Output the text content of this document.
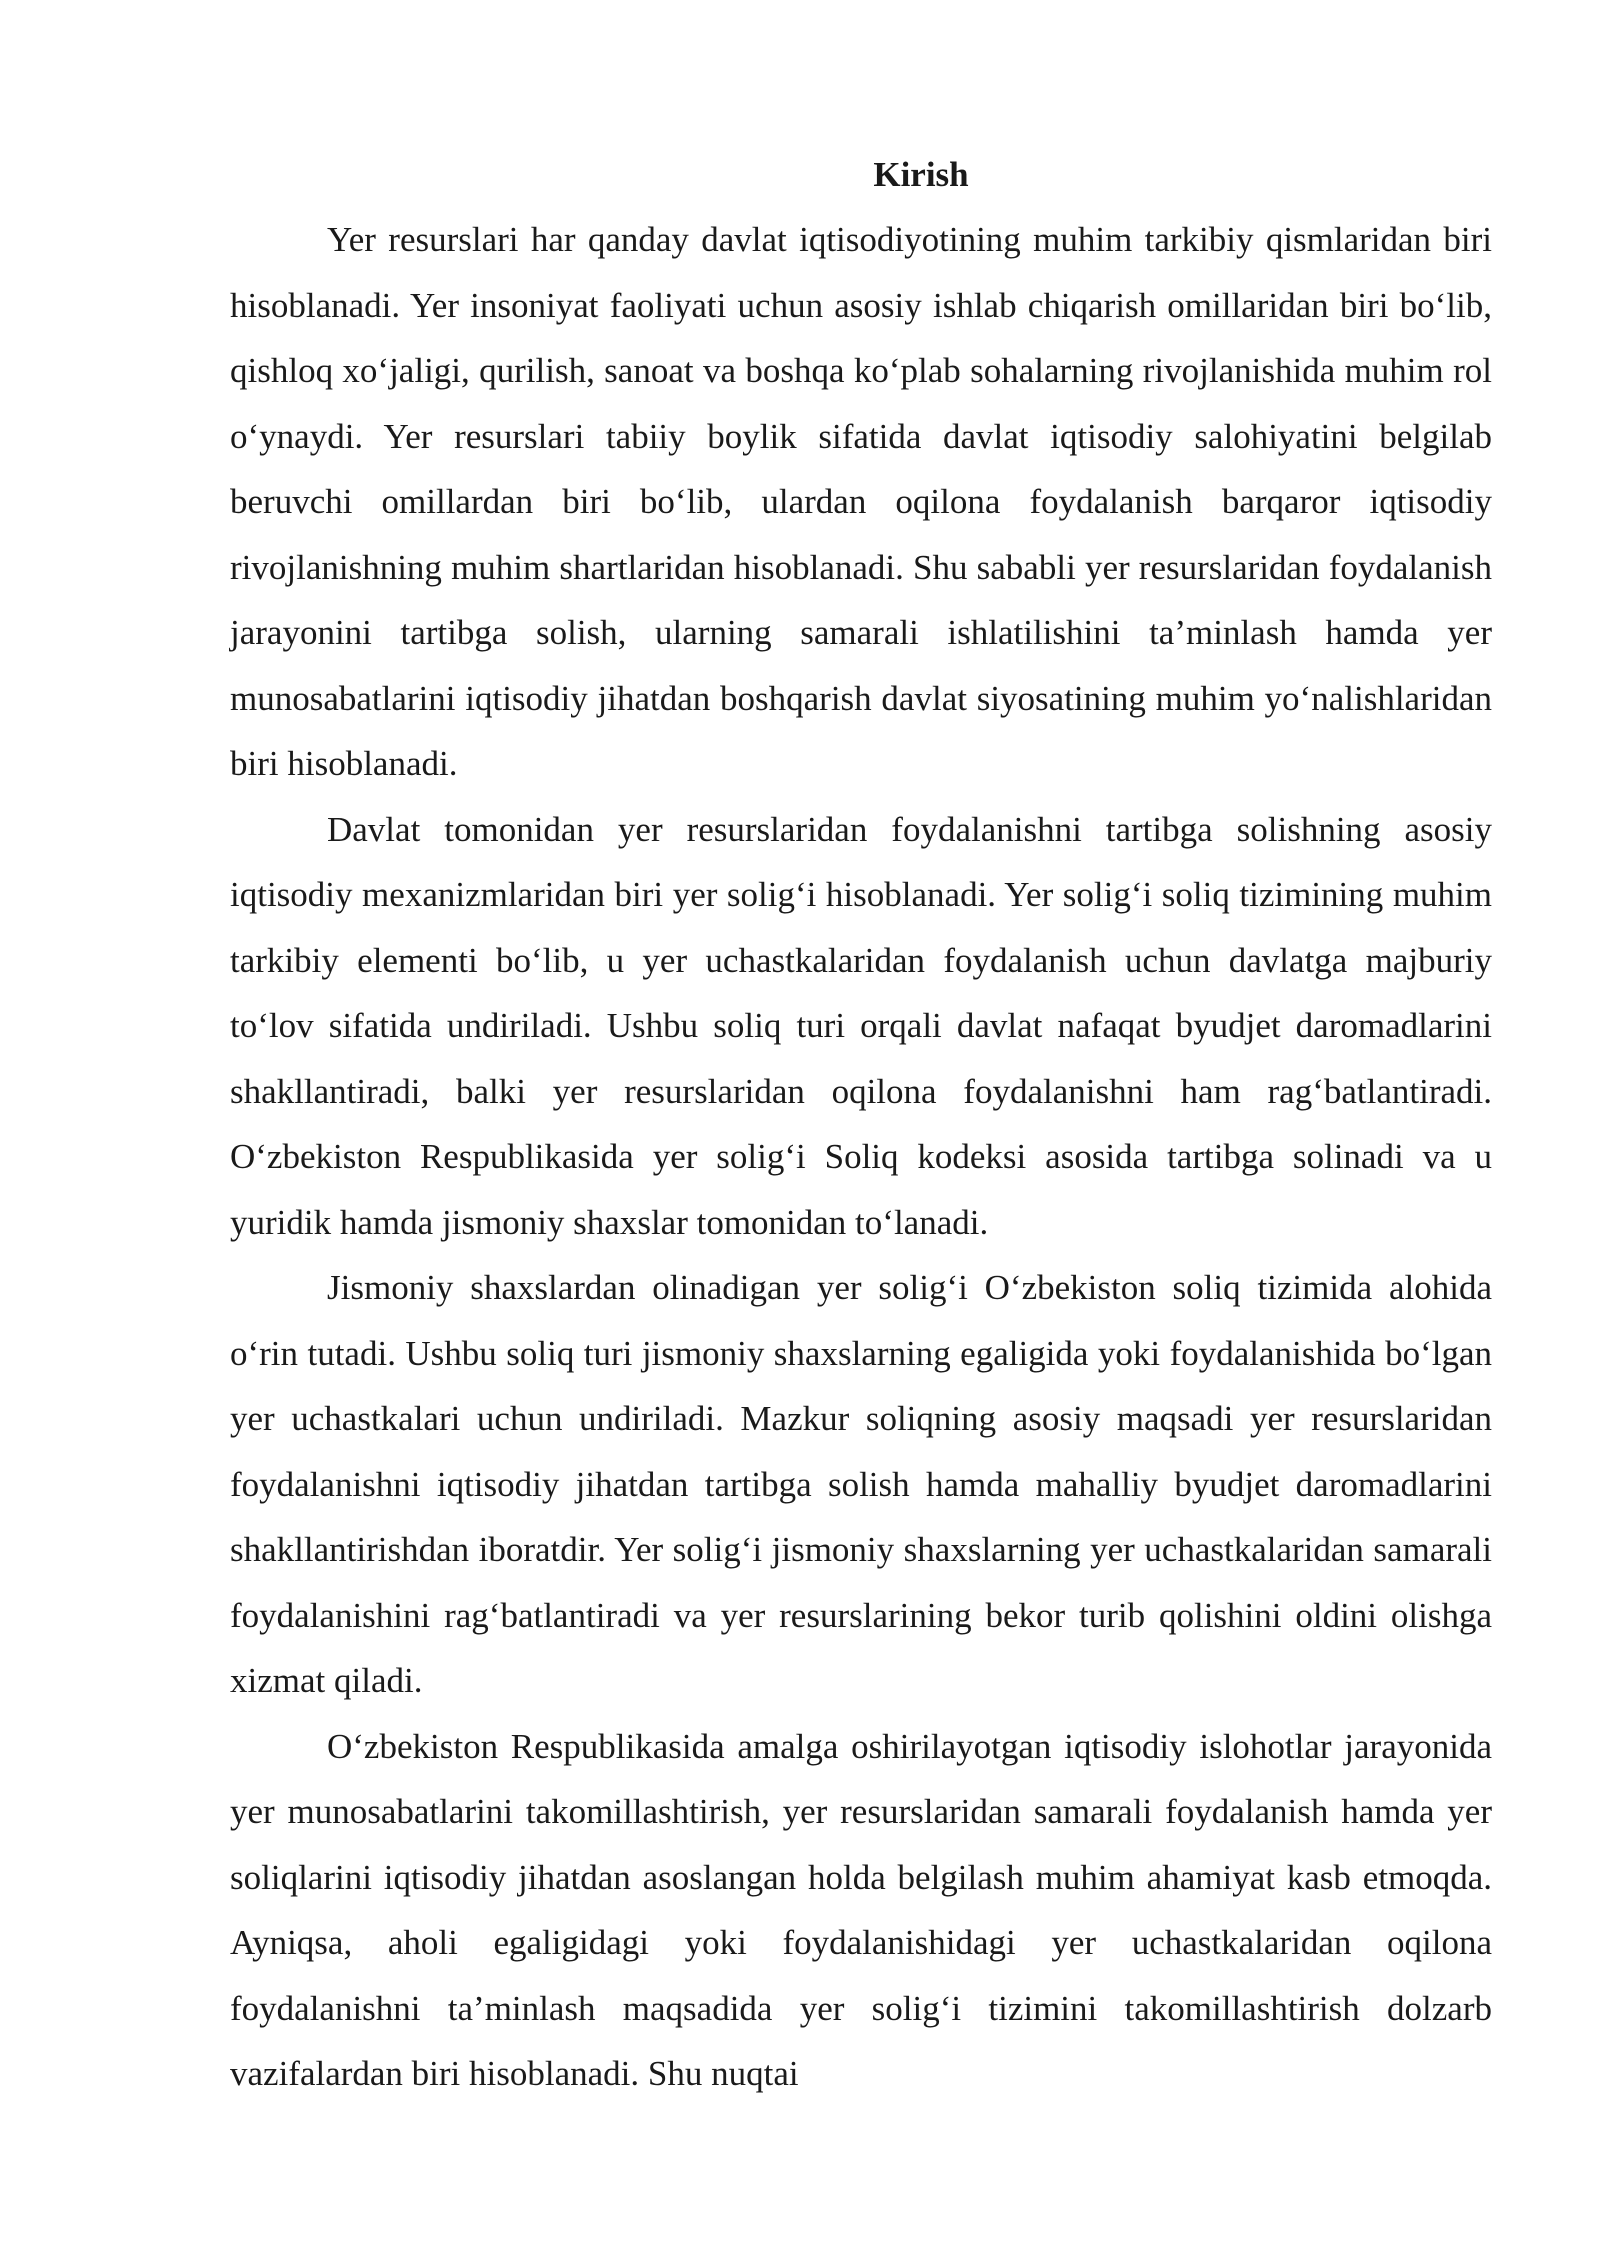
Kirish

Yer resurslari har qanday davlat iqtisodiyotining muhim tarkibiy qismlaridan biri hisoblanadi. Yer insoniyat faoliyati uchun asosiy ishlab chiqarish omillaridan biri bo‘lib, qishloq xo‘jaligi, qurilish, sanoat va boshqa ko‘plab sohalarning rivojlanishida muhim rol o‘ynaydi. Yer resurslari tabiiy boylik sifatida davlat iqtisodiy salohiyatini belgilab beruvchi omillardan biri bo‘lib, ulardan oqilona foydalanish barqaror iqtisodiy rivojlanishning muhim shartlaridan hisoblanadi. Shu sababli yer resurslaridan foydalanish jarayonini tartibga solish, ularning samarali ishlatilishini ta’minlash hamda yer munosabatlarini iqtisodiy jihatdan boshqarish davlat siyosatining muhim yo‘nalishlaridan biri hisoblanadi.

Davlat tomonidan yer resurslaridan foydalanishni tartibga solishning asosiy iqtisodiy mexanizmlaridan biri yer solig‘i hisoblanadi. Yer solig‘i soliq tizimining muhim tarkibiy elementi bo‘lib, u yer uchastkalaridan foydalanish uchun davlatga majburiy to‘lov sifatida undiriladi. Ushbu soliq turi orqali davlat nafaqat byudjet daromadlarini shakllantiradi, balki yer resurslaridan oqilona foydalanishni ham rag‘batlantiradi. O‘zbekiston Respublikasida yer solig‘i Soliq kodeksi asosida tartibga solinadi va u yuridik hamda jismoniy shaxslar tomonidan to‘lanadi.

Jismoniy shaxslardan olinadigan yer solig‘i O‘zbekiston soliq tizimida alohida o‘rin tutadi. Ushbu soliq turi jismoniy shaxslarning egaligida yoki foydalanishida bo‘lgan yer uchastkalari uchun undiriladi. Mazkur soliqning asosiy maqsadi yer resurslaridan foydalanishni iqtisodiy jihatdan tartibga solish hamda mahalliy byudjet daromadlarini shakllantirishdan iboratdir. Yer solig‘i jismoniy shaxslarning yer uchastkalaridan samarali foydalanishini rag‘batlantiradi va yer resurslarining bekor turib qolishini oldini olishga xizmat qiladi.

O‘zbekiston Respublikasida amalga oshirilayotgan iqtisodiy islohotlar jarayonida yer munosabatlarini takomillashtirish, yer resurslaridan samarali foydalanish hamda yer soliqlarini iqtisodiy jihatdan asoslangan holda belgilash muhim ahamiyat kasb etmoqda. Ayniqsa, aholi egaligidagi yoki foydalanishidagi yer uchastkalaridan oqilona foydalanishni ta’minlash maqsadida yer solig‘i tizimini takomillashtirish dolzarb vazifalardan biri hisoblanadi. Shu nuqtai
